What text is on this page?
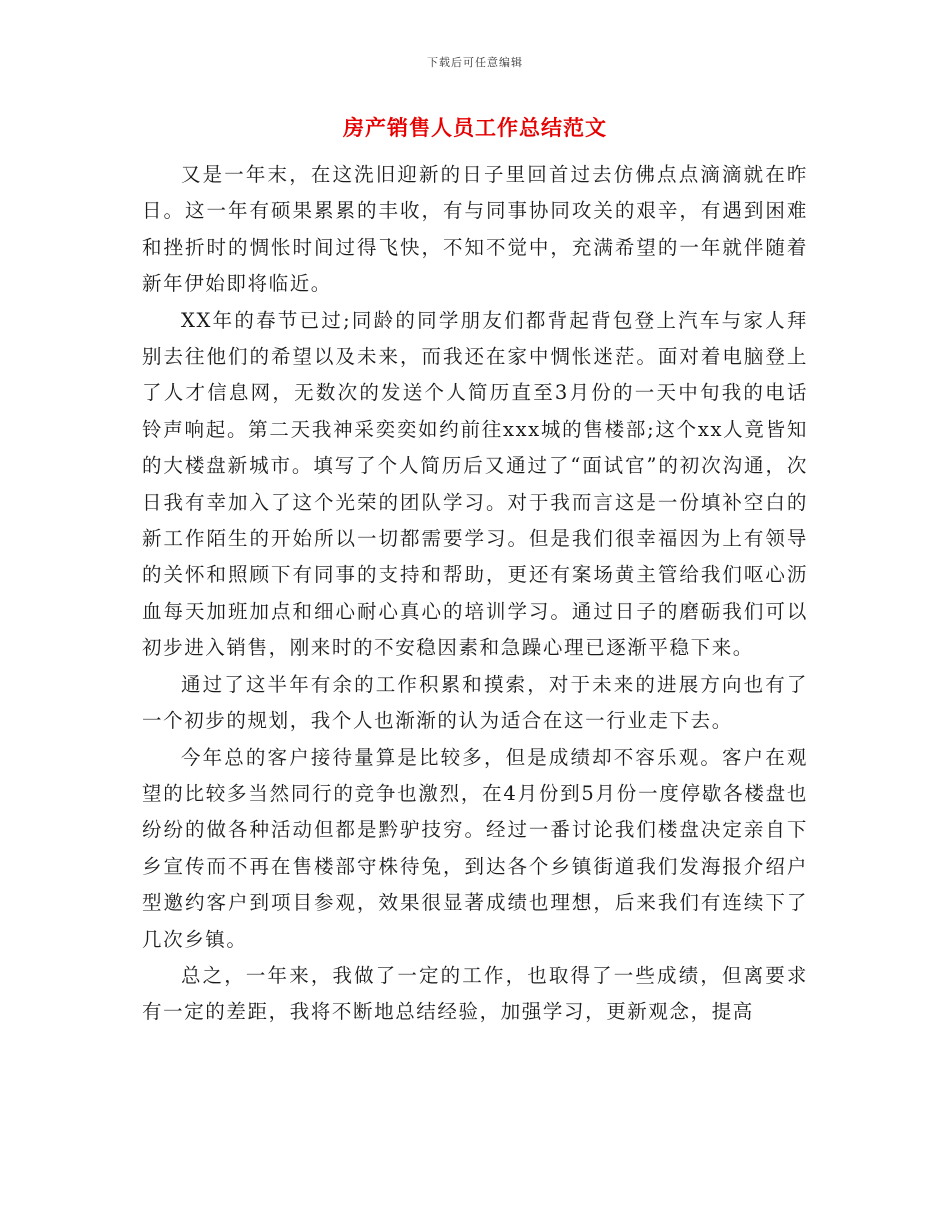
下载后可任意编辑
房产销售人员工作总结范文

又是一年末，在这洗旧迎新的日子里回首过去仿佛点点滴滴就在昨日。这一年有硕果累累的丰收，有与同事协同攻关的艰辛，有遇到困难和挫折时的惆怅时间过得飞快，不知不觉中，充满希望的一年就伴随着新年伊始即将临近。

XX年的春节已过;同龄的同学朋友们都背起背包登上汽车与家人拜别去往他们的希望以及未来，而我还在家中惆怅迷茫。面对着电脑登上了人才信息网，无数次的发送个人简历直至3月份的一天中旬我的电话铃声响起。第二天我神采奕奕如约前往xxx城的售楼部;这个xx人竟皆知的大楼盘新城市。填写了个人简历后又通过了“面试官”的初次沟通，次日我有幸加入了这个光荣的团队学习。对于我而言这是一份填补空白的新工作陌生的开始所以一切都需要学习。但是我们很幸福因为上有领导的关怀和照顾下有同事的支持和帮助，更还有案场黄主管给我们呕心沥血每天加班加点和细心耐心真心的培训学习。通过日子的磨砺我们可以初步进入销售，刚来时的不安稳因素和急躁心理已逐渐平稳下来。

通过了这半年有余的工作积累和摸索，对于未来的进展方向也有了一个初步的规划，我个人也渐渐的认为适合在这一行业走下去。

今年总的客户接待量算是比较多，但是成绩却不容乐观。客户在观望的比较多当然同行的竞争也激烈，在4月份到5月份一度停歇各楼盘也纷纷的做各种活动但都是黔驴技穷。经过一番讨论我们楼盘决定亲自下乡宣传而不再在售楼部守株待兔，到达各个乡镇街道我们发海报介绍户型邀约客户到项目参观，效果很显著成绩也理想，后来我们有连续下了几次乡镇。

总之，一年来，我做了一定的工作，也取得了一些成绩，但离要求有一定的差距，我将不断地总结经验，加强学习，更新观念，提高
